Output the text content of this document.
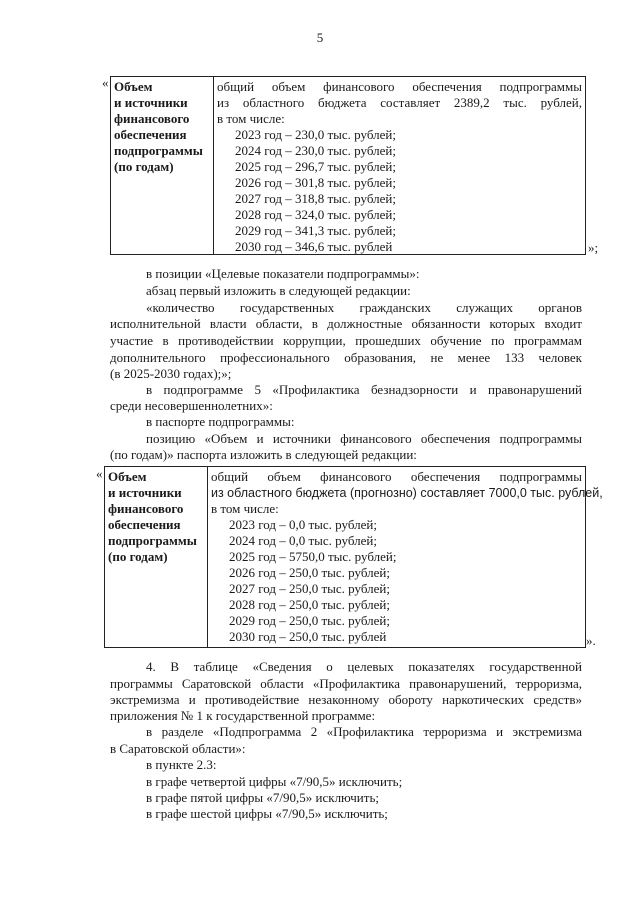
5
« Объем
и источники
финансового
обеспечения
подпрограммы
(по годам)
общий объем финансового обеспечения подпрограммы
из областного бюджета составляет 2389,2 тыс. рублей,
в том числе:
2023 год – 230,0 тыс. рублей;
2024 год – 230,0 тыс. рублей;
2025 год – 296,7 тыс. рублей;
2026 год – 301,8 тыс. рублей;
2027 год – 318,8 тыс. рублей;
2028 год – 324,0 тыс. рублей;
2029 год – 341,3 тыс. рублей;
2030 год – 346,6 тыс. рублей	»;
в позиции «Целевые показатели подпрограммы»:
абзац первый изложить в следующей редакции:
«количество государственных гражданских служащих органов
исполнительной власти области, в должностные обязанности которых входит
участие в противодействии коррупции, прошедших обучение по программам
дополнительного профессионального образования, не менее 133 человек
(в 2025-2030 годах);»;
в подпрограмме 5 «Профилактика безнадзорности и правонарушений
среди несовершеннолетних»:
в паспорте подпрограммы:
позицию «Объем и источники финансового обеспечения подпрограммы
(по годам)» паспорта изложить в следующей редакции:
« Объем
и источники
финансового
обеспечения
подпрограммы
(по годам)
общий объем финансового обеспечения подпрограммы
из областного бюджета (прогнозно) составляет 7000,0 тыс. рублей,
в том числе:
2023 год – 0,0 тыс. рублей;
2024 год – 0,0 тыс. рублей;
2025 год – 5750,0 тыс. рублей;
2026 год – 250,0 тыс. рублей;
2027 год – 250,0 тыс. рублей;
2028 год – 250,0 тыс. рублей;
2029 год – 250,0 тыс. рублей;
2030 год – 250,0 тыс. рублей	».
4. В таблице «Сведения о целевых показателях государственной
программы Саратовской области «Профилактика правонарушений, терроризма,
экстремизма и противодействие незаконному обороту наркотических средств»
приложения № 1 к государственной программе:
в разделе «Подпрограмма 2 «Профилактика терроризма и экстремизма
в Саратовской области»:
в пункте 2.3:
в графе четвертой цифры «7/90,5» исключить;
в графе пятой цифры «7/90,5» исключить;
в графе шестой цифры «7/90,5» исключить;
